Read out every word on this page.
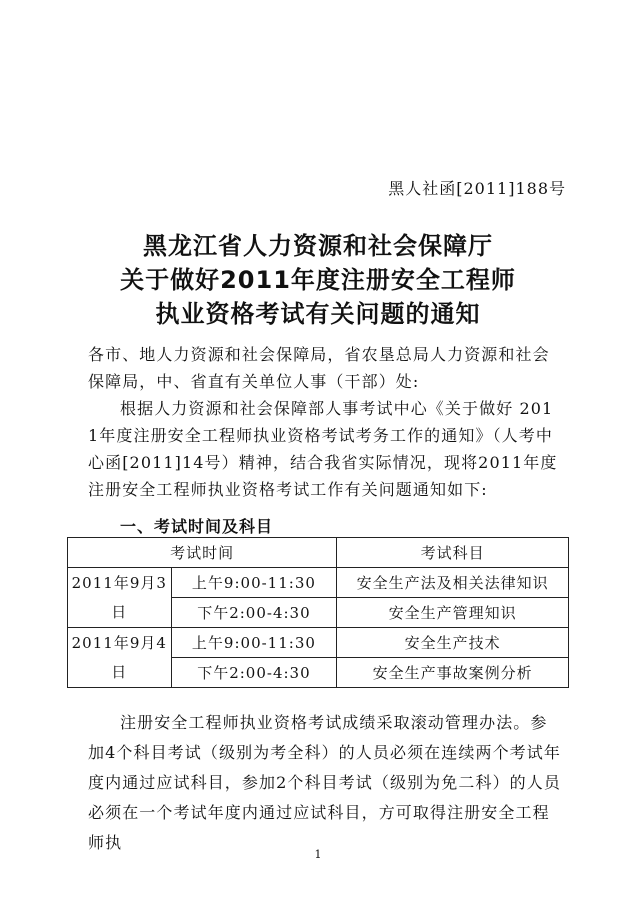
黑人社函[2011]188号
黑龙江省人力资源和社会保障厅
关于做好2011年度注册安全工程师
执业资格考试有关问题的通知

各市、地人力资源和社会保障局，省农垦总局人力资源和社会保障局，中、省直有关单位人事（干部）处:

根据人力资源和社会保障部人事考试中心《关于做好 2011年度注册安全工程师执业资格考试考务工作的通知》（人考中心函[2011]14号）精神，结合我省实际情况，现将2011年度注册安全工程师执业资格考试工作有关问题通知如下:

一、考试时间及科目
考试时间		考试科目
2011年9月3日	上午9:00-11:30	安全生产法及相关法律知识
	下午2:00-4:30	安全生产管理知识
2011年9月4日	上午9:00-11:30	安全生产技术
	下午2:00-4:30	安全生产事故案例分析

注册安全工程师执业资格考试成绩采取滚动管理办法。参加4个科目考试（级别为考全科）的人员必须在连续两个考试年度内通过应试科目，参加2个科目考试（级别为免二科）的人员必须在一个考试年度内通过应试科目，方可取得注册安全工程师执

1
